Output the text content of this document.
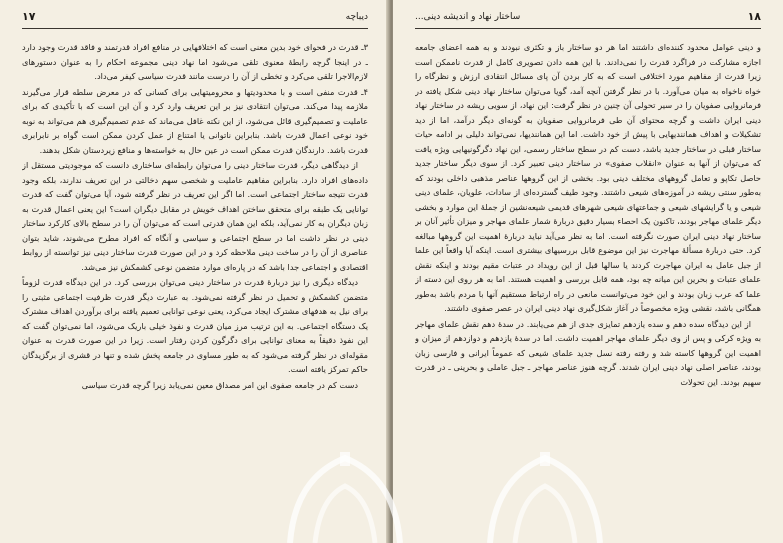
۱۷	دیباچه

۳ـ قدرت در فحوای خود بدین معنی است که اختلافهایی در منافع افراد قدرتمند و فاقد قدرت وجود دارد ـ در اینجا گرچه رابطهٔ معنوی تلقی می‌شود اما نهاد دینی مجموعه احکام را به عنوان دستورهای لازم‌الاجرا تلقی می‌کرد و تخطی از آن را درست مانند قدرت سیاسی کیفر می‌داد.

۴ـ قدرت منفی است و با محدودیتها و محرومیتهایی برای کسانی که در معرض سلطه قرار می‌گیرند ملازمه پیدا می‌کند. می‌توان انتقادی نیز بر این تعریف وارد کرد و آن این است که با تأکیدی که برای عاملیت و تصمیم‌گیری قائل می‌شود، از این نکته غافل می‌ماند که عدم تصمیم‌گیری هم می‌تواند به نوبه خود نوعی اعمال قدرت باشد. بنابراین ناتوانی یا امتناع از عمل کردن ممکن است گواه بر نابرابری قدرت باشد. دارندگان قدرت ممکن است در عین حال به خواسته‌ها و منافع زیردستان شکل بدهند.

از دیدگاهی دیگر، قدرت ساختار دینی را می‌توان رابطه‌ای ساختاری دانست که موجودیتی مستقل از داده‌های افراد دارد. بنابراین مفاهیم عاملیت و شخصی سهم دخالتی در این تعریف ندارند، بلکه وجود قدرت نتیجه ساختار اجتماعی است. اما اگر این تعریف در نظر گرفته شود، آیا می‌توان گفت که قدرت توانایی یک طبقه برای متحقق ساختن اهداف خویش در مقابل دیگران است؟ این یعنی اعمال قدرت به زبان دیگران به کار نمی‌آید، بلکه این همان قدرتی است که می‌توان آن را در سطح بالای کارکرد ساختار دینی در نظر داشت اما در سطح اجتماعی و سیاسی و آنگاه که افراد مطرح می‌شوند، شاید بتوان عناصری از آن را در ساخت دینی ملاحظه کرد و در این صورت قدرت ساختار دینی نیز توانسته از روابط اقتصادی و اجتماعی جدا باشد که در پاره‌ای موارد متضمن نوعی کشمکش نیز می‌شد.

دیدگاه دیگری را نیز دربارهٔ قدرت در ساختار دینی می‌توان بررسی کرد. در این دیدگاه قدرت لزوماً متضمن کشمکش و تحمیل در نظر گرفته نمی‌شود. به عبارت دیگر قدرت ظرفیت اجتماعی مثبتی را برای نیل به هدفهای مشترک ایجاد می‌کرد، یعنی نوعی توانایی تعمیم یافته برای برآوردن اهداف مشترک یک دستگاه اجتماعی. به این ترتیب مرز میان قدرت و نفوذ خیلی باریک می‌شود، اما نمی‌توان گفت که این نفوذ دقیقاً به معنای توانایی برای دگرگون کردن رفتار است. زیرا در این صورت قدرت به عنوان مقوله‌ای در نظر گرفته می‌شود که به طور مساوی در جامعه پخش شده و تنها در قشری از برگزیدگان حاکم تمرکز یافته است.

دست کم در جامعه صفوی این امر مصداق معین نمی‌یابد زیرا گرچه قدرت سیاسی

۱۸
ساختار نهاد و اندیشه دینی...

و دینی عوامل محدود کننده‌ای داشتند اما هر دو ساختار باز و تکثری نبودند و به همه اعضای جامعه اجازه مشارکت در فراگرد قدرت را نمی‌دادند. با این همه دادن تصویری کامل از قدرت ناممکن است زیرا قدرت از مفاهیم مورد اختلافی است که به کار بردن آن پای مسائل انتقادی ارزش و نظرگاه را خواه ناخواه به میان می‌آورد. با در نظر گرفتن آنچه آمد، گویا می‌توان ساختار نهاد دینی شکل یافته در فرمانروایی صفویان را در سیر تحولی آن چنین در نظر گرفت: این نهاد، از سویی ریشه در ساختار نهاد دینی ایران داشت و گرچه محتوای آن طی فرمانروایی صفویان به گونه‌ای دیگر درآمد، اما از دید تشکیلات و اهداف همانندیهایی با پیش از خود داشت. اما این همانندیها، نمی‌تواند دلیلی بر ادامه حیات ساختار قبلی در ساختار جدید باشد، دست کم در سطح ساختار رسمی، این نهاد دگرگونیهایی ویژه یافت که می‌توان از آنها به عنوان «انقلاب صفوی» در ساختار دینی تعبیر کرد. از سوی دیگر ساختار جدید حاصل تکاپو و تعامل گروههای مختلف دینی بود. بخشی از این گروهها عناصر مذهبی داخلی بودند که به‌طور سنتی ریشه در آموزه‌های شیعی داشتند. وجود طیف گسترده‌ای از سادات، علویان، علمای دینی شیعی و یا گرایشهای شیعی و جماعتهای شیعی شهرهای قدیمی شیعه‌نشین از جملهٔ این موارد و بخشی دیگر علمای مهاجر بودند، تاکنون یک احصاء بسیار دقیق دربارهٔ شمار علمای مهاجر و میزان تأثیر آنان بر ساختار نهاد دینی ایران صورت نگرفته است. اما به نظر می‌آید نباید دربارهٔ اهمیت این گروهها مبالغه کرد. حتی دربارهٔ مسألهٔ مهاجرت نیز این موضوع قابل بررسیهای بیشتری است. اینکه آیا واقعاً این علما از جبل عامل به ایران مهاجرت کردند یا سالها قبل از این رویداد در عتبات مقیم بودند و اینکه نقش علمای عتبات و بحرین این میانه چه بود، همه قابل بررسی و اهمیت هستند. اما به هر روی این دسته از علما که عرب زبان بودند و این خود می‌توانست مانعی در راه ارتباط مستقیم آنها با مردم باشد به‌طور همگانی باشد، نقشی ویژه مخصوصاً در آغاز شکل‌گیری نهاد دینی ایران در عصر صفوی داشتند.

از این دیدگاه سده دهم و سده یازدهم تمایزی جدی از هم می‌یابند. در سدهٔ دهم نقش علمای مهاجر به ویژه کرکی و پس از وی دیگر علمای مهاجر اهمیت داشت. اما در سدهٔ یازدهم و دوازدهم از میزان و اهمیت این گروهها کاسته شد و رفته رفته نسل جدید علمای شیعی که عموماً ایرانی و فارسی زبان بودند، عناصر اصلی نهاد دینی ایران شدند. گرچه هنوز عناصر مهاجر ـ جبل عاملی و بحرینی ـ در قدرت سهیم بودند. این تحولات
